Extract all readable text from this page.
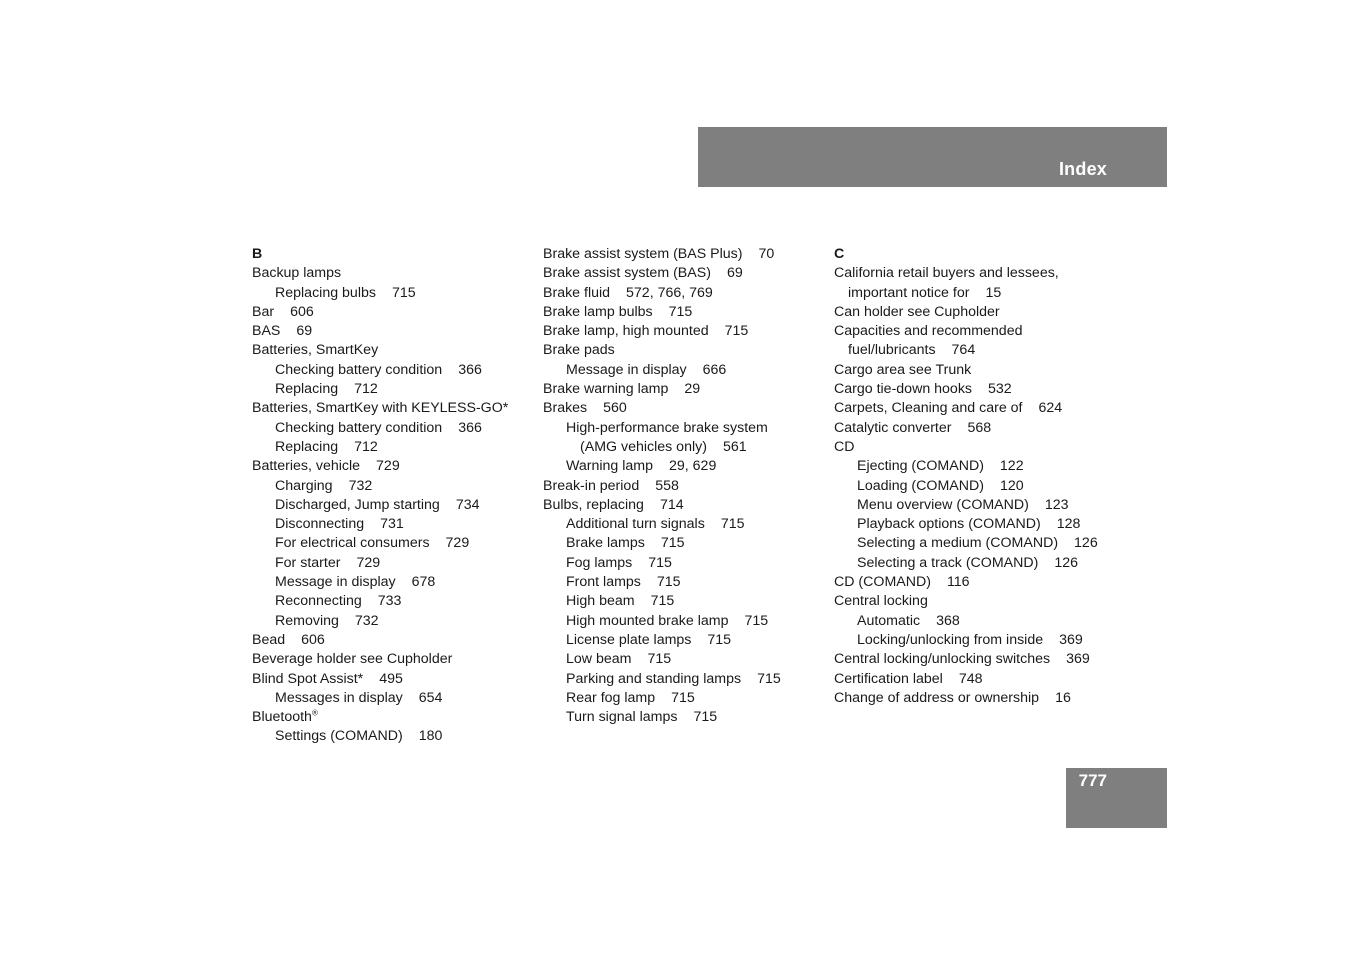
Index
B
Backup lamps
Replacing bulbs 715
Bar 606
BAS 69
Batteries, SmartKey
Checking battery condition 366
Replacing 712
Batteries, SmartKey with KEYLESS-GO*
Checking battery condition 366
Replacing 712
Batteries, vehicle 729
Charging 732
Discharged, Jump starting 734
Disconnecting 731
For electrical consumers 729
For starter 729
Message in display 678
Reconnecting 733
Removing 732
Bead 606
Beverage holder see Cupholder
Blind Spot Assist* 495
Messages in display 654
Bluetooth®
Settings (COMAND) 180
Brake assist system (BAS Plus) 70
Brake assist system (BAS) 69
Brake fluid 572, 766, 769
Brake lamp bulbs 715
Brake lamp, high mounted 715
Brake pads
Message in display 666
Brake warning lamp 29
Brakes 560
High-performance brake system
(AMG vehicles only) 561
Warning lamp 29, 629
Break-in period 558
Bulbs, replacing 714
Additional turn signals 715
Brake lamps 715
Fog lamps 715
Front lamps 715
High beam 715
High mounted brake lamp 715
License plate lamps 715
Low beam 715
Parking and standing lamps 715
Rear fog lamp 715
Turn signal lamps 715
C
California retail buyers and lessees,
important notice for 15
Can holder see Cupholder
Capacities and recommended
fuel/lubricants 764
Cargo area see Trunk
Cargo tie-down hooks 532
Carpets, Cleaning and care of 624
Catalytic converter 568
CD
Ejecting (COMAND) 122
Loading (COMAND) 120
Menu overview (COMAND) 123
Playback options (COMAND) 128
Selecting a medium (COMAND) 126
Selecting a track (COMAND) 126
CD (COMAND) 116
Central locking
Automatic 368
Locking/unlocking from inside 369
Central locking/unlocking switches 369
Certification label 748
Change of address or ownership 16
777
